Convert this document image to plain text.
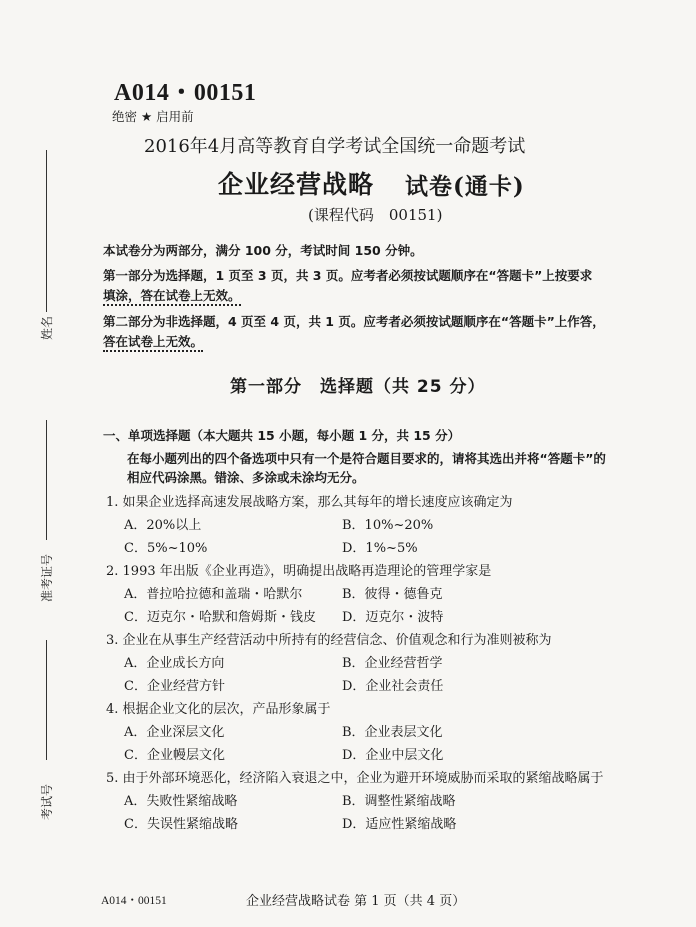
姓名
准考证号
考试号
A014・00151
绝密 ★ 启用前
2016年4月高等教育自学考试全国统一命题考试
企业经营战略 试卷(通卡)
(课程代码　00151)
本试卷分为两部分，满分 100 分，考试时间 150 分钟。
第一部分为选择题，1 页至 3 页，共 3 页。应考者必须按试题顺序在“答题卡”上按要求
填涂，答在试卷上无效。
第二部分为非选择题，4 页至 4 页，共 1 页。应考者必须按试题顺序在“答题卡”上作答，
答在试卷上无效。
第一部分　选择题（共 25 分）
一、单项选择题（本大题共 15 小题，每小题 1 分，共 15 分）
在每小题列出的四个备选项中只有一个是符合题目要求的，请将其选出并将“答题卡”的
相应代码涂黑。错涂、多涂或未涂均无分。
1. 如果企业选择高速发展战略方案，那么其每年的增长速度应该确定为
A．20%以上	B．10%~20%
C．5%~10%	D．1%~5%
2. 1993 年出版《企业再造》，明确提出战略再造理论的管理学家是
A．普拉哈拉德和盖瑞・哈默尔	B．彼得・德鲁克
C．迈克尔・哈默和詹姆斯・钱皮 D．迈克尔・波特
3. 企业在从事生产经营活动中所持有的经营信念、价值观念和行为准则被称为
A．企业成长方向	B．企业经营哲学
C．企业经营方针	D．企业社会责任
4. 根据企业文化的层次，产品形象属于
A．企业深层文化	B．企业表层文化
C．企业幔层文化	D．企业中层文化
5. 由于外部环境恶化，经济陷入衰退之中，企业为避开环境威胁而采取的紧缩战略属于
A．失败性紧缩战略	B．调整性紧缩战略
C．失误性紧缩战略	D．适应性紧缩战略
A014・00151	企业经营战略试卷 第 1 页（共 4 页）
